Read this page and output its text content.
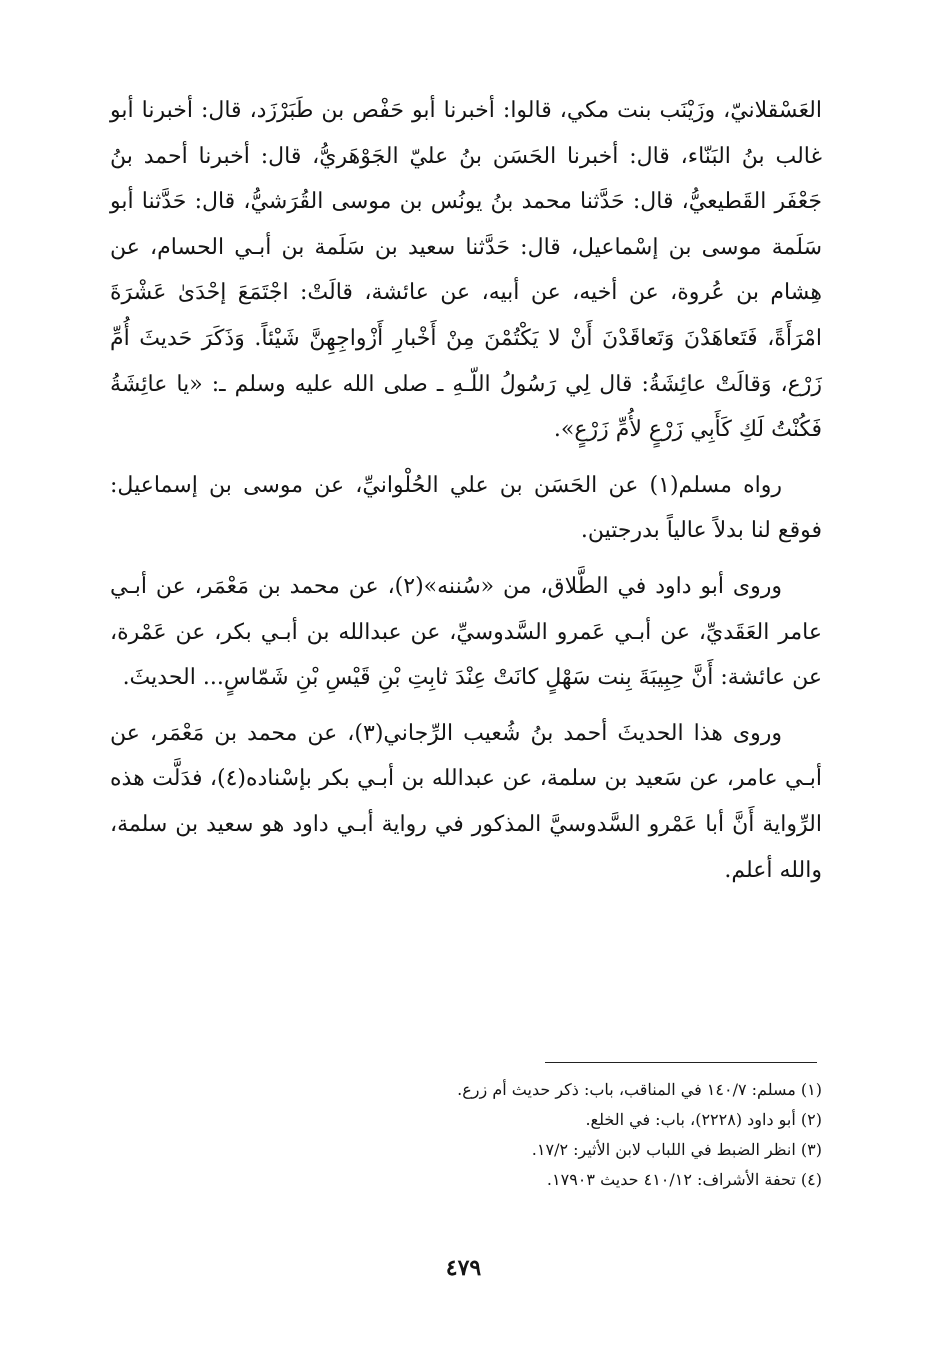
العَسْقلانيّ، وزَيْنَب بنت مكي، قالوا: أخبرنا أبو حَفْص بن طَبَرْزَد، قال: أخبرنا أبو غالب بنُ البَنّاء، قال: أخبرنا الحَسَن بنُ عليّ الجَوْهَريُّ، قال: أخبرنا أحمد بنُ جَعْفَر القَطيعيُّ، قال: حَدَّثنا محمد بنُ يونُس بن موسى القُرَشيُّ، قال: حَدَّثنا أبو سَلَمة موسى بن إسْماعيل، قال: حَدَّثنا سعيد بن سَلَمة بن أبـي الحسام، عن هِشام بن عُروة، عن أخيه، عن أبيه، عن عائشة، قالَتْ: اجْتَمَعَ إحْدَىٰ عَشْرَةَ امْرَأَةً، فَتَعاهَدْنَ وَتَعاقَدْنَ أَنْ لا يَكْتُمْنَ مِنْ أَخْبارِ أَزْواجِهِنَّ شَيْئاً. وَذَكَرَ حَديثَ أُمِّ زَرْع، وَقالَتْ عائِشَةُ: قال لِي رَسُولُ اللّـهِ ـ صلى الله عليه وسلم ـ: «يا عائِشَةُ فَكُنْتُ لَكِ كَأَبِي زَرْعٍ لأُمِّ زَرْعٍ».

رواه مسلم(١) عن الحَسَن بن علي الحُلْوانيِّ، عن موسى بن إسماعيل: فوقع لنا بدلاً عالياً بدرجتين.

وروى أبو داود في الطَّلاق، من «سُننه»(٢)، عن محمد بن مَعْمَر، عن أبـي عامر العَقَديِّ، عن أبـي عَمرو السَّدوسيِّ، عن عبدالله بن أبـي بكر، عن عَمْرة، عن عائشة: أَنَّ حِبِيبَةَ بِنت سَهْلٍ كانَتْ عِنْدَ ثابِتِ بْنِ قَيْسِ بْنِ شَمّاسٍ... الحديثَ.

وروى هذا الحديثَ أحمد بنُ شُعيب الرِّجاني(٣)، عن محمد بن مَعْمَر، عن أبـي عامر، عن سَعيد بن سلمة، عن عبدالله بن أبـي بكر بإسْناده(٤)، فدَلَّت هذه الرِّواية أَنَّ أبا عَمْرو السَّدوسيَّ المذكور في رواية أبـي داود هو سعيد بن سلمة، والله أعلم.

(١) مسلم: ١٤٠/٧ في المناقب، باب: ذكر حديث أم زرع.
(٢) أبو داود (٢٢٢٨)، باب: في الخلع.
(٣) انظر الضبط في اللباب لابن الأثير: ١٧/٢.
(٤) تحفة الأشراف: ٤١٠/١٢ حديث ١٧٩٠٣.
٤٧٩
